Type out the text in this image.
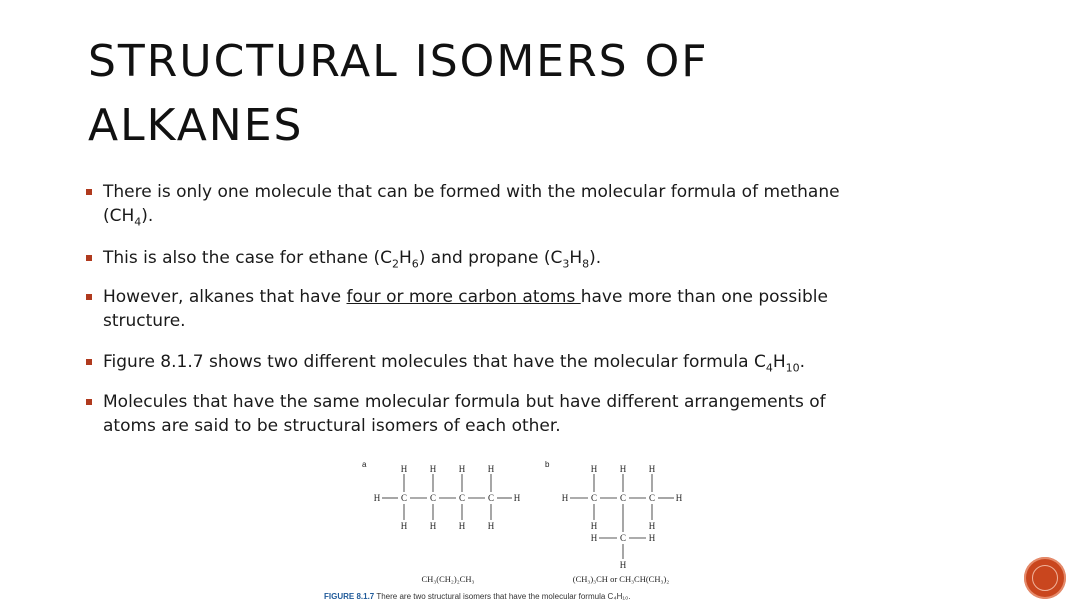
STRUCTURAL ISOMERS OF
ALKANES
There is only one molecule that can be formed with the molecular formula of methane
$(CH_4)$.
This is also the case for ethane $(C_2H_6)$ and propane $(C_3H_8)$.
However, alkanes that have four or more carbon atoms have more than one possible
structure.
Figure 8.1.7 shows two different molecules that have the molecular formula $C_4H_{10}$.
Molecules that have the same molecular formula but have different arrangements of
atoms are said to be structural isomers of each other.
a	b
H	H	H	H
H C	C	C	C H
H	H	H	H
H	H	H
H	C	C	C H
H	H
H	C	H
H
CH₃(CH₂)₂CH₃	(CH₃)₃CH or CH₃CH(CH₃)₂
FIGURE 8.1.7 There are two structural isomers that have the molecular formula C₄H₁₀.
